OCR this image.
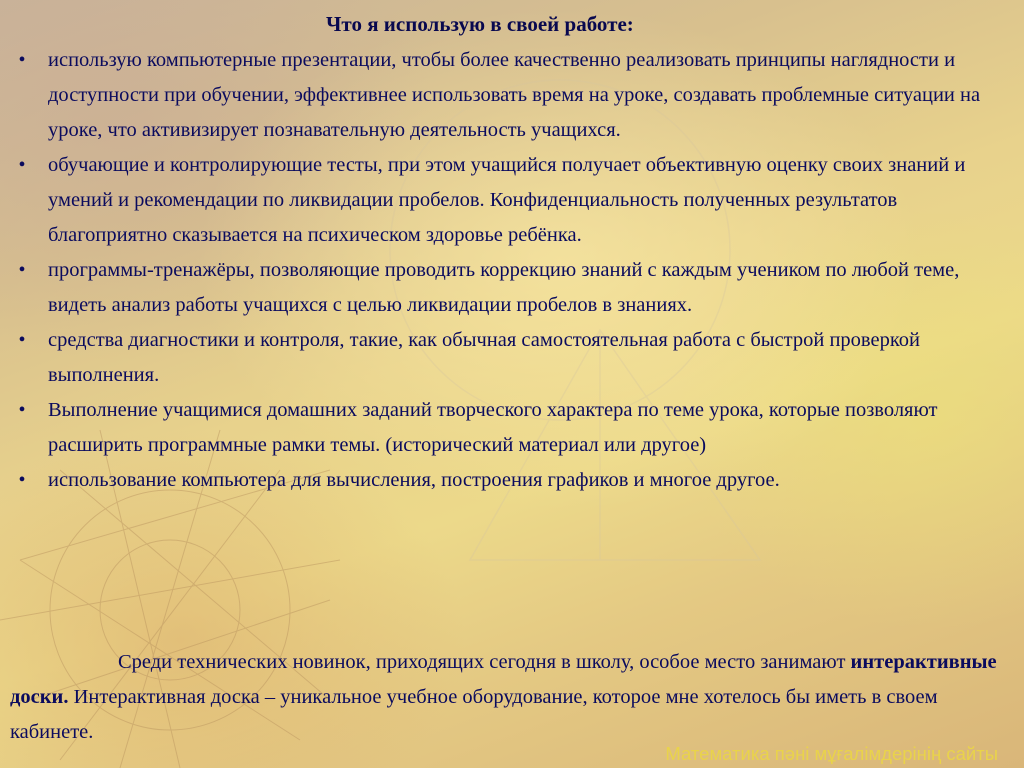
Что я использую в своей работе:
•	использую компьютерные презентации, чтобы более качественно реализовать принципы наглядности и доступности при обучении, эффективнее использовать время на уроке, создавать проблемные ситуации на уроке, что активизирует познавательную деятельность учащихся.
•	обучающие и контролирующие тесты, при этом учащийся получает объективную оценку своих знаний и умений и рекомендации по ликвидации пробелов. Конфиденциальность полученных результатов благоприятно сказывается на психическом здоровье ребёнка.
•	программы-тренажёры, позволяющие проводить коррекцию знаний с каждым учеником по любой теме, видеть анализ работы учащихся с целью ликвидации пробелов в знаниях.
•	средства диагностики и контроля, такие, как обычная самостоятельная работа с быстрой проверкой выполнения.
•	Выполнение учащимися домашних заданий творческого характера по теме урока, которые позволяют расширить программные рамки темы. (исторический материал или другое)
•	использование компьютера для вычисления, построения графиков и многое другое.
Среди технических новинок, приходящих сегодня в школу, особое место занимают интерактивные доски. Интерактивная доска – уникальное учебное оборудование, которое мне хотелось бы иметь в своем кабинете.
Математика пәні мұғалімдерінің сайты
